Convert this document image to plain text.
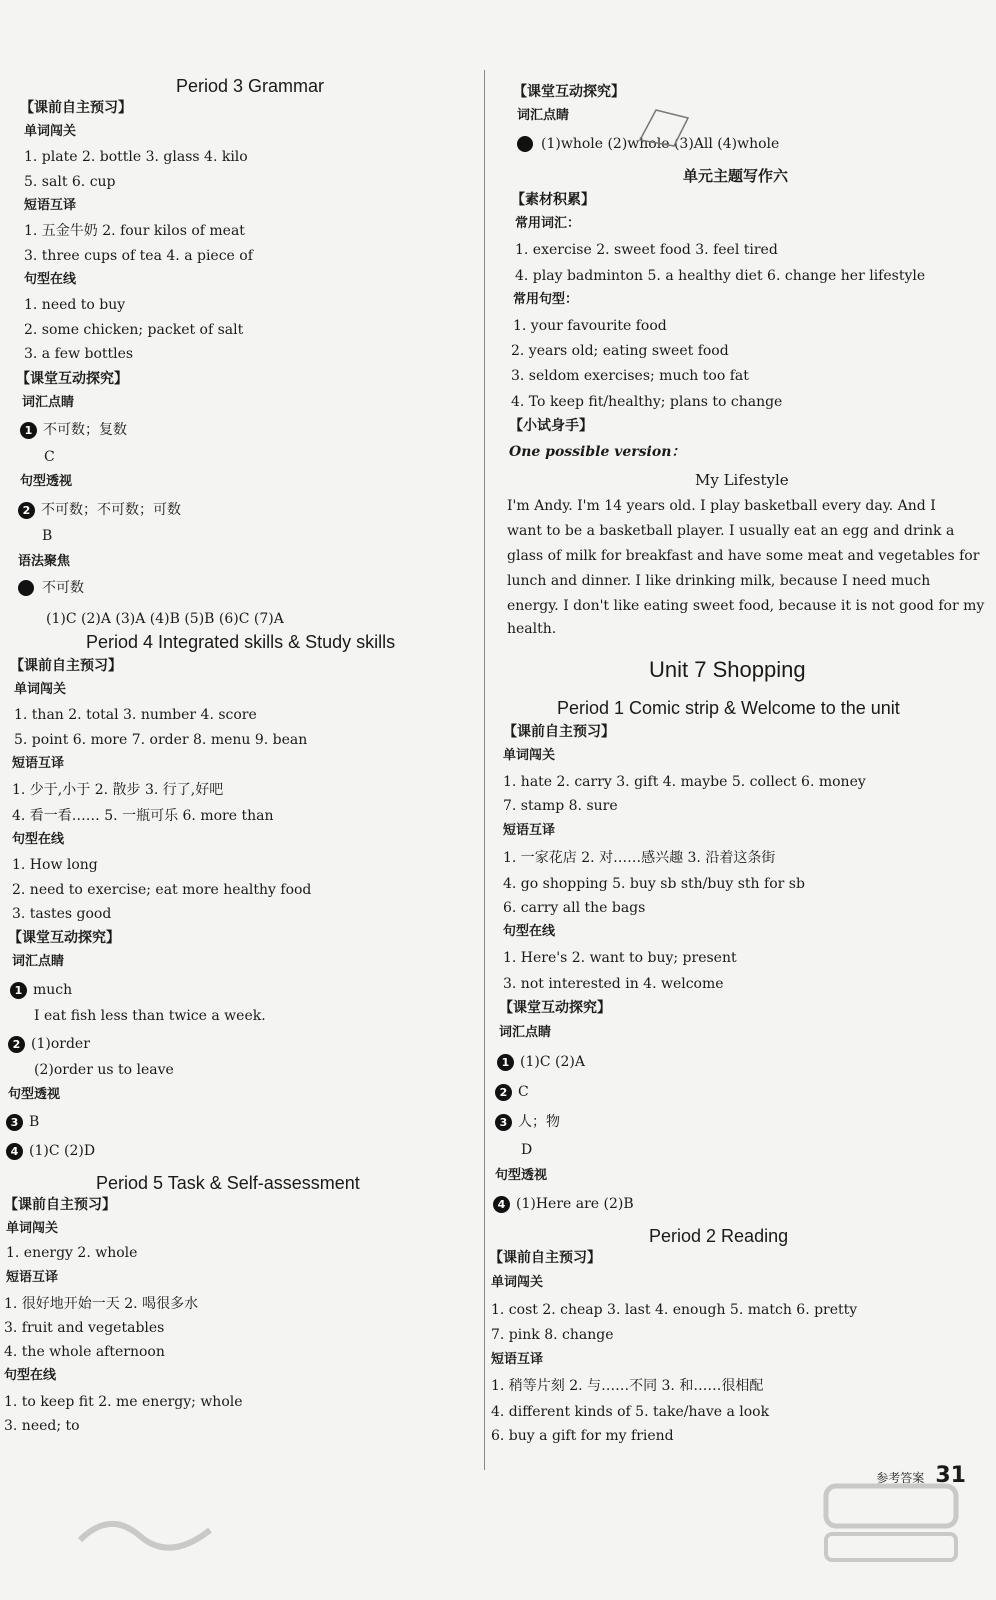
Period 3 Grammar
【课前自主预习】
单词闯关
1. plate 2. bottle 3. glass 4. kilo
5. salt 6. cup
短语互译
1. 五金牛奶 2. four kilos of meat
3. three cups of tea 4. a piece of
句型在线
1. need to buy
2. some chicken; packet of salt
3. a few bottles
【课堂互动探究】
词汇点睛
1 不可数；复数
C
句型透视
2 不可数；不可数；可数
B
语法聚焦
不可数
(1)C (2)A (3)A (4)B (5)B (6)C (7)A
Period 4 Integrated skills & Study skills
【课前自主预习】
单词闯关
1. than 2. total 3. number 4. score
5. point 6. more 7. order 8. menu 9. bean
短语互译
1. 少于,小于 2. 散步 3. 行了,好吧
4. 看一看…… 5. 一瓶可乐 6. more than
句型在线
1. How long
2. need to exercise; eat more healthy food
3. tastes good
【课堂互动探究】
词汇点睛
1 much
I eat fish less than twice a week.
2 (1)order
(2)order us to leave
句型透视
3 B
4 (1)C (2)D
Period 5 Task & Self-assessment
【课前自主预习】
单词闯关
1. energy 2. whole
短语互译
1. 很好地开始一天 2. 喝很多水
3. fruit and vegetables
4. the whole afternoon
句型在线
1. to keep fit 2. me energy; whole
3. need; to
【课堂互动探究】
词汇点睛
(1)whole (2)whole (3)All (4)whole
单元主题写作六
【素材积累】
常用词汇：
1. exercise 2. sweet food 3. feel tired
4. play badminton 5. a healthy diet 6. change her lifestyle
常用句型：
1. your favourite food
2. years old; eating sweet food
3. seldom exercises; much too fat
4. To keep fit/healthy; plans to change
【小试身手】
One possible version：
My Lifestyle
I'm Andy. I'm 14 years old. I play basketball every day. And I
want to be a basketball player. I usually eat an egg and drink a
glass of milk for breakfast and have some meat and vegetables for
lunch and dinner. I like drinking milk, because I need much
energy. I don't like eating sweet food, because it is not good for my
health.
Unit 7 Shopping
Period 1 Comic strip & Welcome to the unit
【课前自主预习】
单词闯关
1. hate 2. carry 3. gift 4. maybe 5. collect 6. money
7. stamp 8. sure
短语互译
1. 一家花店 2. 对……感兴趣 3. 沿着这条街
4. go shopping 5. buy sb sth/buy sth for sb
6. carry all the bags
句型在线
1. Here's 2. want to buy; present
3. not interested in 4. welcome
【课堂互动探究】
词汇点睛
1 (1)C (2)A
2 C
3 人；物
D
句型透视
4 (1)Here are (2)B
Period 2 Reading
【课前自主预习】
单词闯关
1. cost 2. cheap 3. last 4. enough 5. match 6. pretty
7. pink 8. change
短语互译
1. 稍等片刻 2. 与……不同 3. 和……很相配
4. different kinds of 5. take/have a look
6. buy a gift for my friend
参考答案 31
